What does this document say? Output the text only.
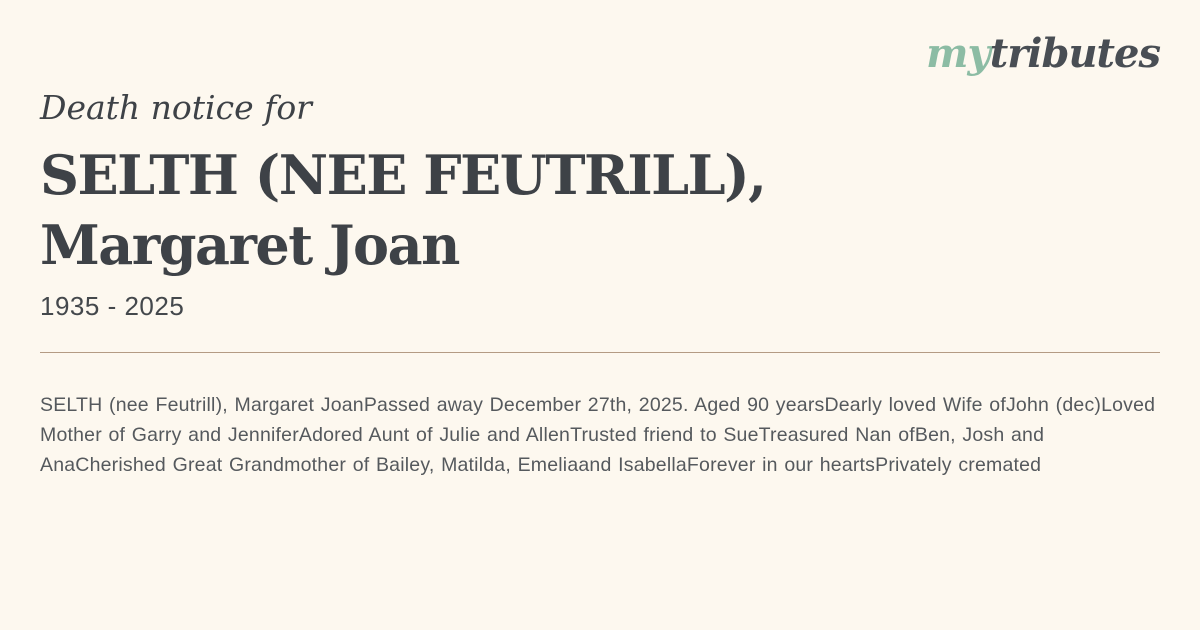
mytributes
Death notice for
SELTH (NEE FEUTRILL),
Margaret Joan
1935 - 2025

SELTH (nee Feutrill), Margaret JoanPassed away December 27th, 2025. Aged 90 yearsDearly loved Wife ofJohn (dec)Loved Mother of Garry and JenniferAdored Aunt of Julie and AllenTrusted friend to SueTreasured Nan ofBen, Josh and AnaCherished Great Grandmother of Bailey, Matilda, Emeliaand IsabellaForever in our heartsPrivately cremated
